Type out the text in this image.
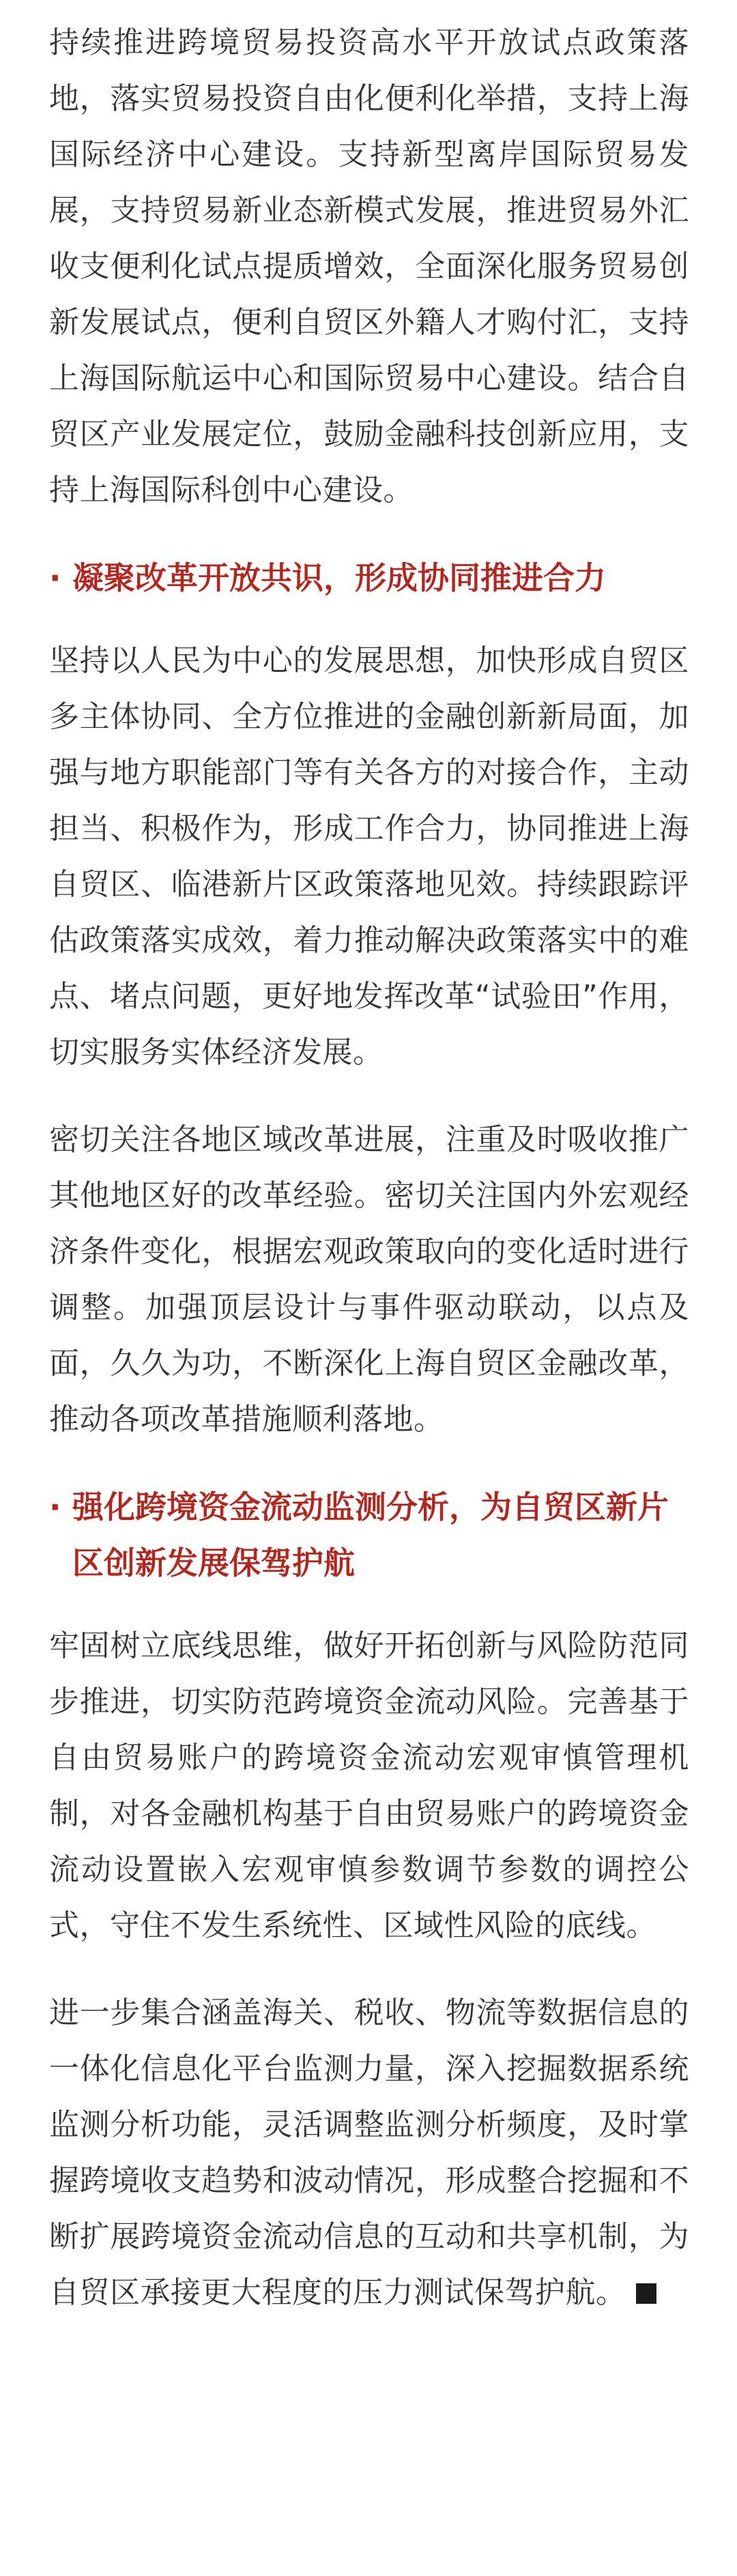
持续推进跨境贸易投资高水平开放试点政策落地，落实贸易投资自由化便利化举措，支持上海国际经济中心建设。支持新型离岸国际贸易发展，支持贸易新业态新模式发展，推进贸易外汇收支便利化试点提质增效，全面深化服务贸易创新发展试点，便利自贸区外籍人才购付汇，支持上海国际航运中心和国际贸易中心建设。结合自贸区产业发展定位，鼓励金融科技创新应用，支持上海国际科创中心建设。

· 凝聚改革开放共识，形成协同推进合力

坚持以人民为中心的发展思想，加快形成自贸区多主体协同、全方位推进的金融创新新局面，加强与地方职能部门等有关各方的对接合作，主动担当、积极作为，形成工作合力，协同推进上海自贸区、临港新片区政策落地见效。持续跟踪评估政策落实成效，着力推动解决政策落实中的难点、堵点问题，更好地发挥改革“试验田”作用，切实服务实体经济发展。

密切关注各地区域改革进展，注重及时吸收推广其他地区好的改革经验。密切关注国内外宏观经济条件变化，根据宏观政策取向的变化适时进行调整。加强顶层设计与事件驱动联动，以点及面，久久为功，不断深化上海自贸区金融改革，推动各项改革措施顺利落地。

· 强化跨境资金流动监测分析，为自贸区新片区创新发展保驾护航

牢固树立底线思维，做好开拓创新与风险防范同步推进，切实防范跨境资金流动风险。完善基于自由贸易账户的跨境资金流动宏观审慎管理机制，对各金融机构基于自由贸易账户的跨境资金流动设置嵌入宏观审慎参数调节参数的调控公式，守住不发生系统性、区域性风险的底线。

进一步集合涵盖海关、税收、物流等数据信息的一体化信息化平台监测力量，深入挖掘数据系统监测分析功能，灵活调整监测分析频度，及时掌握跨境收支趋势和波动情况，形成整合挖掘和不断扩展跨境资金流动信息的互动和共享机制，为自贸区承接更大程度的压力测试保驾护航。
